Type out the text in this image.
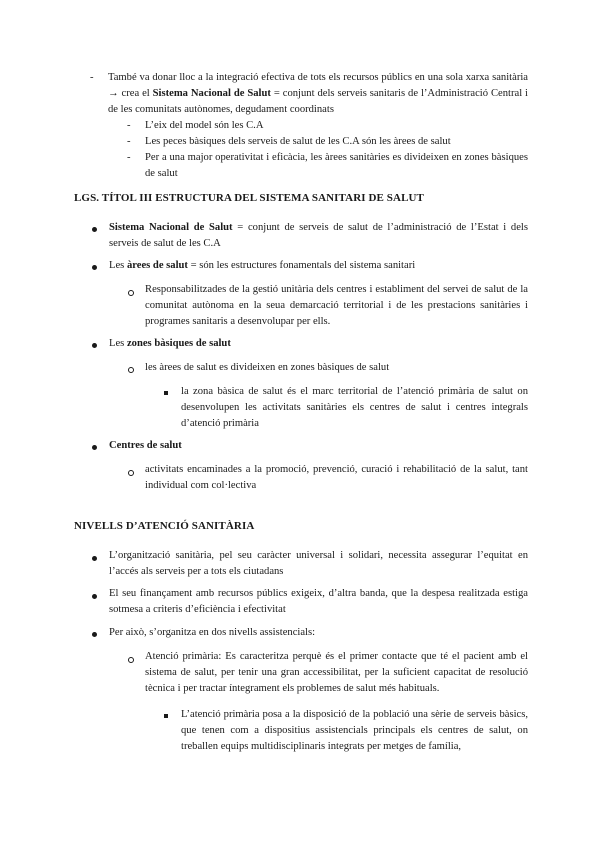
- També va donar lloc a la integració efectiva de tots els recursos públics en una sola xarxa sanitària → crea el Sistema Nacional de Salut = conjunt dels serveis sanitaris de l’Administració Central i de les comunitats autònomes, degudament coordinats
- L’eix del model són les C.A
- Les peces bàsiques dels serveis de salut de les C.A són les àrees de salut
- Per a una major operativitat i eficàcia, les àrees sanitàries es divideixen en zones bàsiques de salut
LGS. TÍTOL III ESTRUCTURA DEL SISTEMA SANITARI DE SALUT
Sistema Nacional de Salut = conjunt de serveis de salut de l’administració de l’Estat i dels serveis de salut de les C.A
Les àrees de salut = són les estructures fonamentals del sistema sanitari
Responsabilitzades de la gestió unitària dels centres i establiment del servei de salut de la comunitat autònoma en la seua demarcació territorial i de les prestacions sanitàries i programes sanitaris a desenvolupar per ells.
Les zones bàsiques de salut
les àrees de salut es divideixen en zones bàsiques de salut
la zona bàsica de salut és el marc territorial de l’atenció primària de salut on desenvolupen les activitats sanitàries els centres de salut i centres integrals d’atenció primària
Centres de salut
activitats encaminades a la promoció, prevenció, curació i rehabilitació de la salut, tant individual com col·lectiva
NIVELLS D’ATENCIÓ SANITÀRIA
L’organització sanitària, pel seu caràcter universal i solidari, necessita assegurar l’equitat en l’accés als serveis per a tots els ciutadans
El seu finançament amb recursos públics exigeix, d’altra banda, que la despesa realitzada estiga sotmesa a criteris d’eficiència i efectivitat
Per això, s’organitza en dos nivells assistencials:
Atenció primària: Es caracteritza perquè és el primer contacte que té el pacient amb el sistema de salut, per tenir una gran accessibilitat, per la suficient capacitat de resolució tècnica i per tractar íntegrament els problemes de salut més habituals.
L’atenció primària posa a la disposició de la població una sèrie de serveis bàsics, que tenen com a dispositius assistencials principals els centres de salut, on treballen equips multidisciplinaris integrats per metges de família,
